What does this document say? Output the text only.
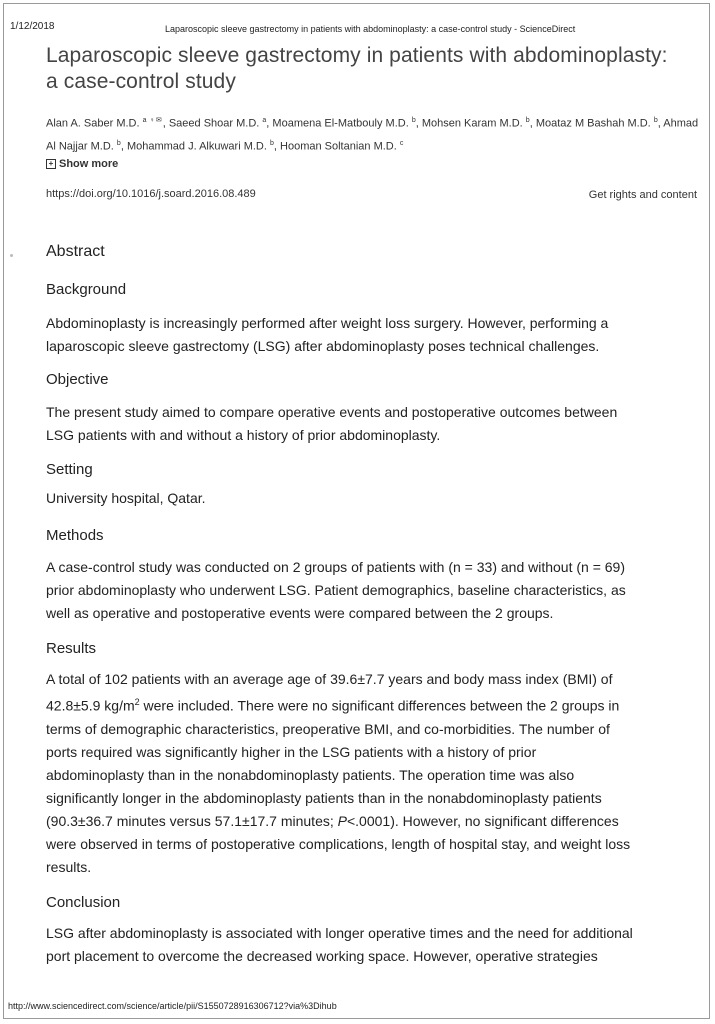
1/12/2018	Laparoscopic sleeve gastrectomy in patients with abdominoplasty: a case-control study - ScienceDirect
Laparoscopic sleeve gastrectomy in patients with abdominoplasty:
a case-control study

Alan A. Saber M.D. $^a$ ♀✉, Saeed Shoar M.D. $^a$, Moamena El-Matbouly M.D. $^b$, Mohsen Karam M.D. $^b$, Moataz M Bashah M.D. $^b$, Ahmad Al Najjar M.D. $^b$, Mohammad J. Alkuwari M.D. $^b$, Hooman Soltanian M.D. $^c$

+ Show more
https://doi.org/10.1016/j.soard.2016.08.489	Get rights and content
Abstract
Background

Abdominoplasty is increasingly performed after weight loss surgery. However, performing a
laparoscopic sleeve gastrectomy (LSG) after abdominoplasty poses technical challenges.

Objective

The present study aimed to compare operative events and postoperative outcomes between
LSG patients with and without a history of prior abdominoplasty.

Setting

University hospital, Qatar.

Methods

A case-control study was conducted on 2 groups of patients with (n = 33) and without (n = 69)
prior abdominoplasty who underwent LSG. Patient demographics, baseline characteristics, as
well as operative and postoperative events were compared between the 2 groups.

Results

A total of 102 patients with an average age of 39.6±7.7 years and body mass index (BMI) of
42.8±5.9 $kg/m^2$ were included. There were no significant differences between the 2 groups in
terms of demographic characteristics, preoperative BMI, and co-morbidities. The number of
ports required was significantly higher in the LSG patients with a history of prior
abdominoplasty than in the nonabdominoplasty patients. The operation time was also
significantly longer in the abdominoplasty patients than in the nonabdominoplasty patients
(90.3±36.7 minutes versus 57.1±17.7 minutes; P<.0001). However, no significant differences
were observed in terms of postoperative complications, length of hospital stay, and weight loss
results.

Conclusion

LSG after abdominoplasty is associated with longer operative times and the need for additional
port placement to overcome the decreased working space. However, operative strategies

http://www.sciencedirect.com/science/article/pii/S1550728916306712?via%3Dihub
